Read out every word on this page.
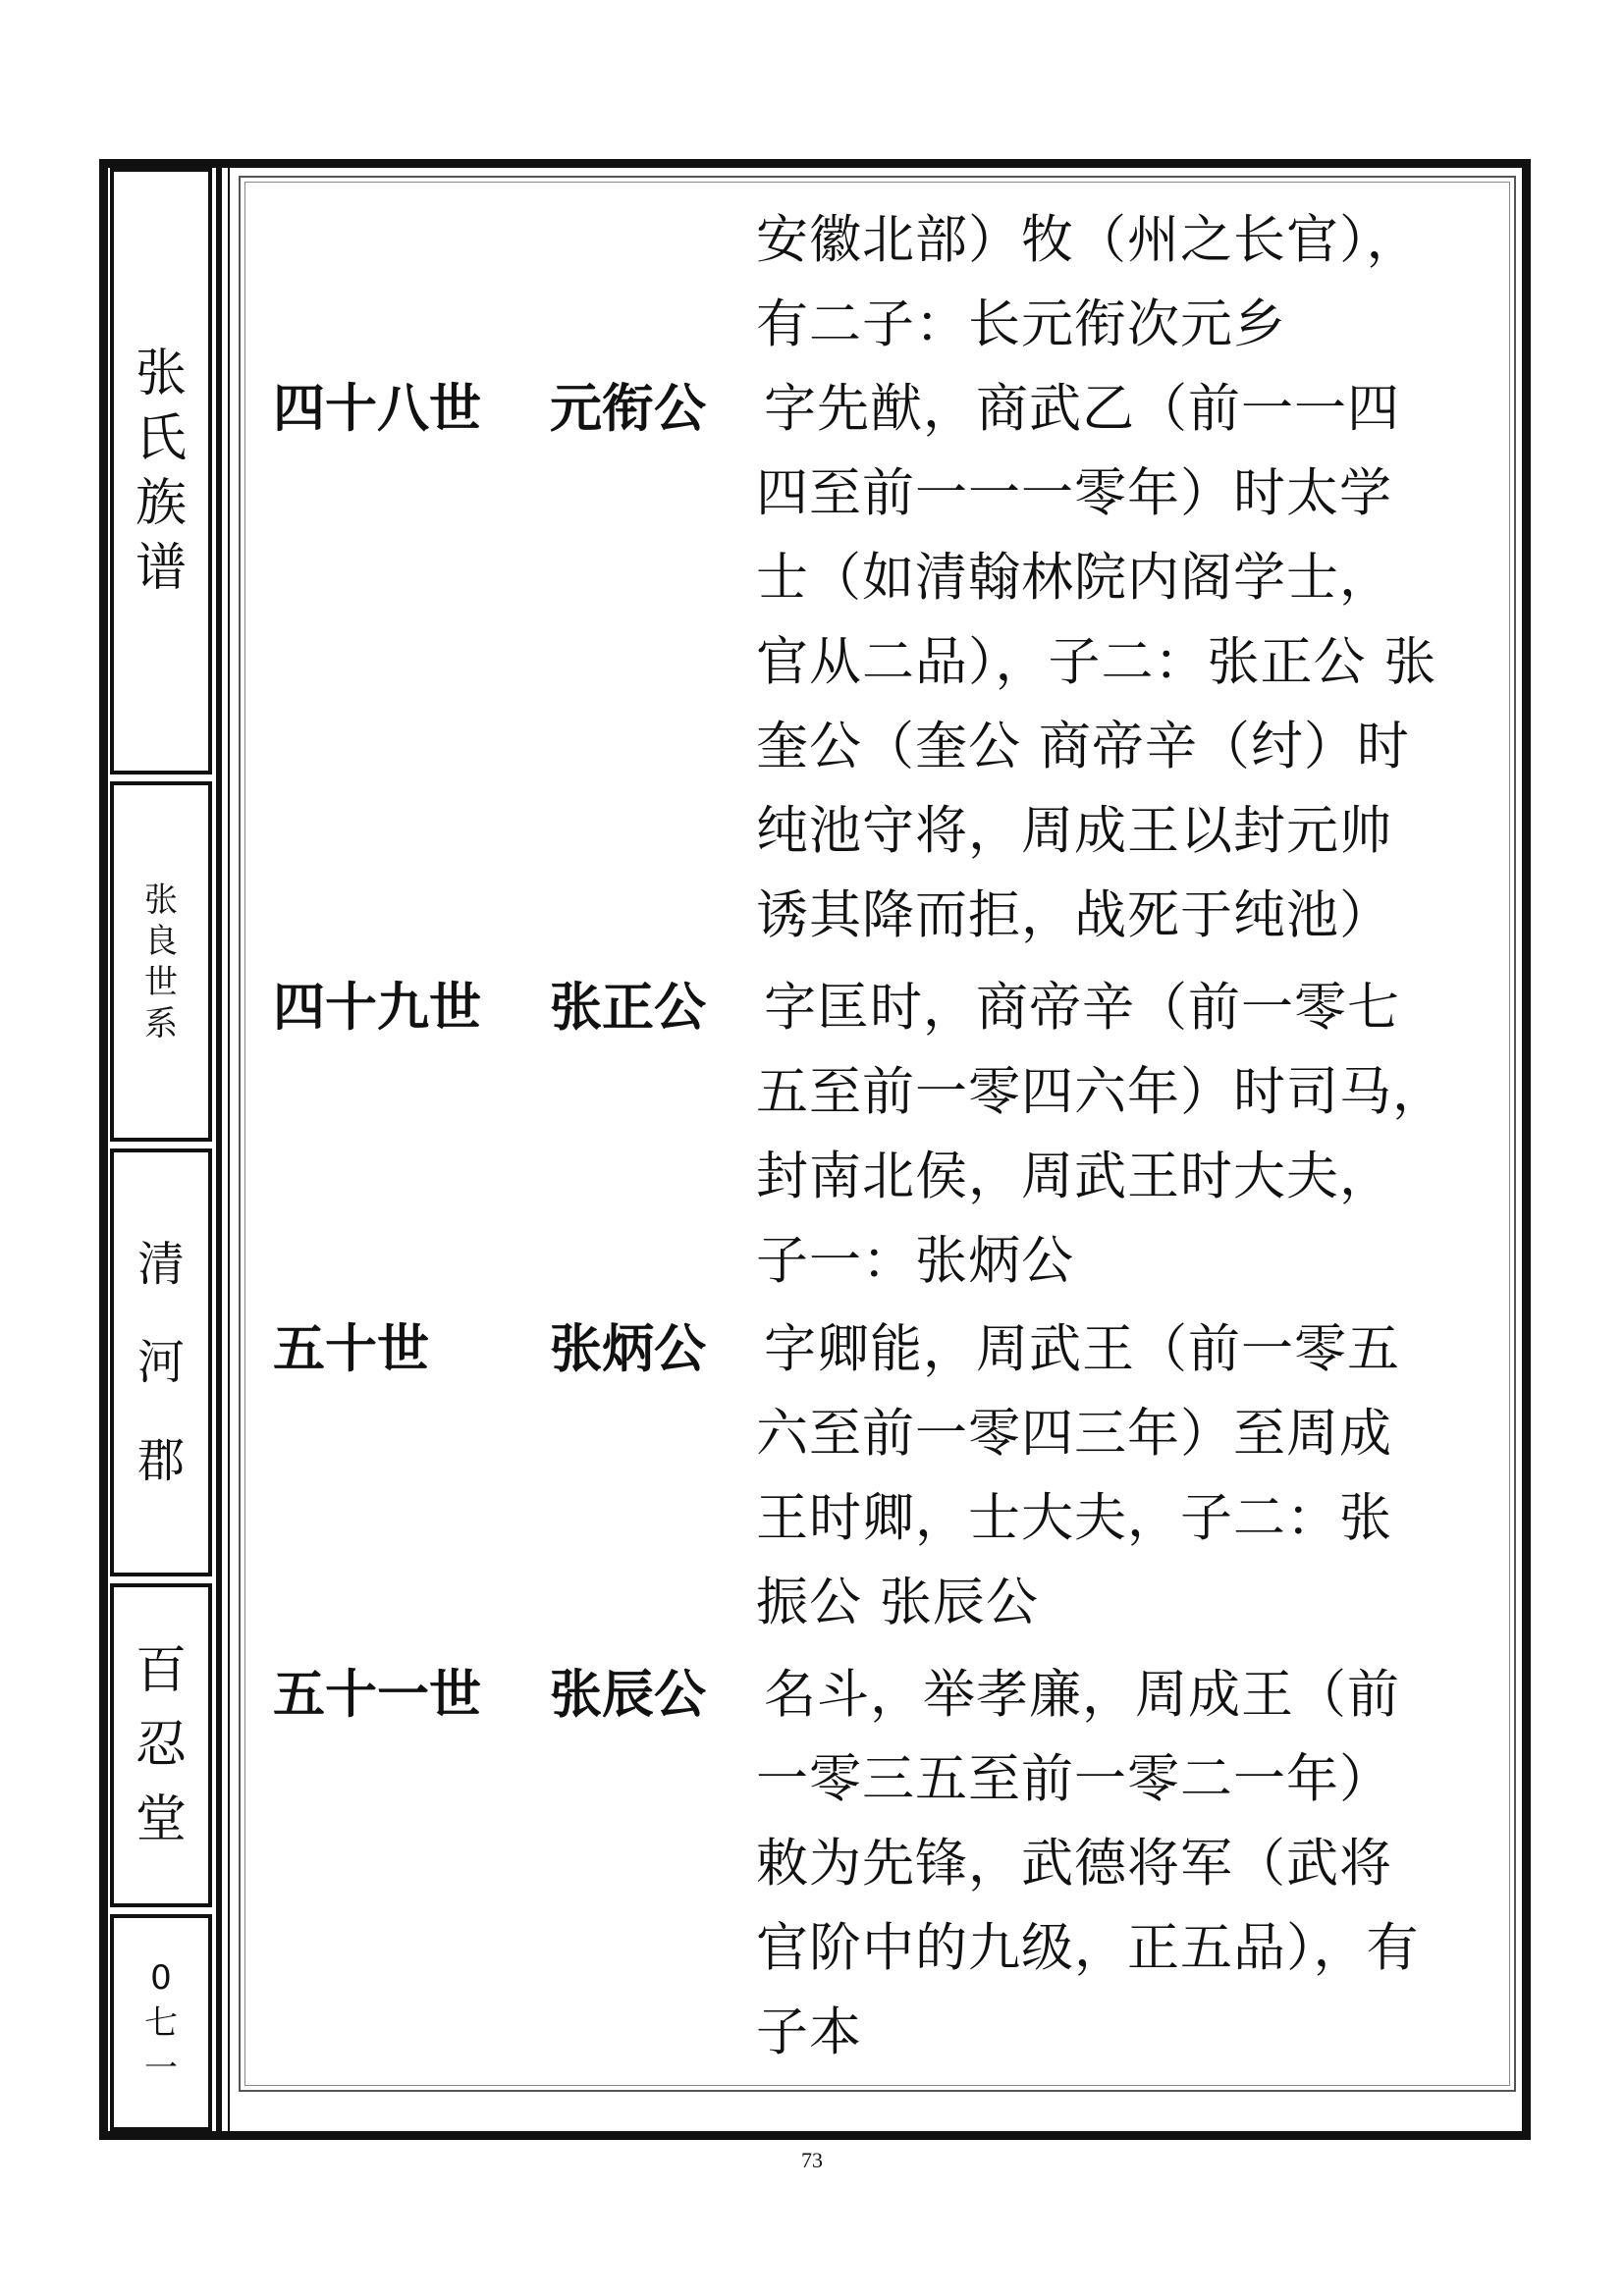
张
氏
族
谱
张
良
世
系
清
河
郡
百
忍
堂
0
七
一
安徽北部）牧（州之长官），
有二子：长元衔次元乡
四十八世 元衔公 字先猷，商武乙（前一一四
四至前一一一零年）时太学
士（如清翰林院内阁学士，
官从二品），子二：张正公 张
奎公（奎公 商帝辛（纣）时
纯池守将，周成王以封元帅
诱其降而拒，战死于纯池）
四十九世 张正公 字匡时，商帝辛（前一零七
五至前一零四六年）时司马，
封南北侯，周武王时大夫，
子一：张炳公
五十世 张炳公 字卿能，周武王（前一零五
六至前一零四三年）至周成
王时卿，士大夫，子二：张
振公 张辰公
五十一世 张辰公 名斗，举孝廉，周成王（前
一零三五至前一零二一年）
敕为先锋，武德将军（武将
官阶中的九级，正五品），有
子本
73
